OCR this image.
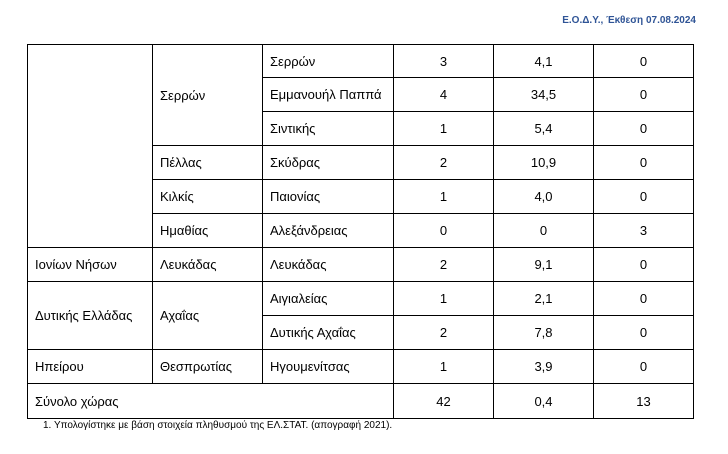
Ε.Ο.Δ.Υ., Έκθεση 07.08.2024
	Σερρών	Σερρών	3	4,1	0
		Εμμανουήλ Παππά	4	34,5	0
		Σιντικής	1	5,4	0
	Πέλλας	Σκύδρας	2	10,9	0
	Κιλκίς	Παιονίας	1	4,0	0
	Ημαθίας	Αλεξάνδρειας	0	0	3
Ιονίων Νήσων	Λευκάδας	Λευκάδας	2	9,1	0
Δυτικής Ελλάδας	Αχαΐας	Αιγιαλείας	1	2,1	0
		Δυτικής Αχαΐας	2	7,8	0
Ηπείρου	Θεσπρωτίας	Ηγουμενίτσας	1	3,9	0
Σύνολο χώρας			42	0,4	13
1. Υπολογίστηκε με βάση στοιχεία πληθυσμού της ΕΛ.ΣΤΑΤ. (απογραφή 2021).
